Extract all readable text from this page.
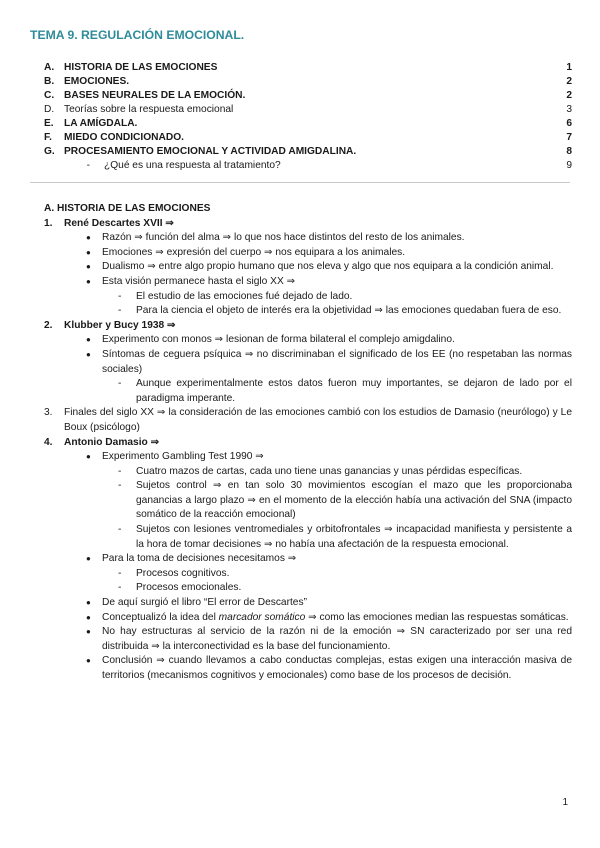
TEMA 9. REGULACIÓN EMOCIONAL.
A. HISTORIA DE LAS EMOCIONES	1
B. EMOCIONES.	2
C. BASES NEURALES DE LA EMOCIÓN.	2
D. Teorías sobre la respuesta emocional	3
E.	LA AMÍGDALA.	6
F.	MIEDO CONDICIONADO.	7
G. PROCESAMIENTO EMOCIONAL Y ACTIVIDAD AMIGDALINA.	8
-	¿Qué es una respuesta al tratamiento?	9
A. HISTORIA DE LAS EMOCIONES
1.	René Descartes XVII ⇒
●	Razón ⇒ función del alma ⇒ lo que nos hace distintos del resto de los animales.
●	Emociones ⇒ expresión del cuerpo ⇒ nos equipara a los animales.
●	Dualismo ⇒ entre algo propio humano que nos eleva y algo que nos equipara a la condición animal.
●	Esta visión permanece hasta el siglo XX ⇒
-	El estudio de las emociones fué dejado de lado.
-	Para la ciencia el objeto de interés era la objetividad ⇒ las emociones quedaban fuera de eso.
2.	Klubber y Bucy 1938 ⇒
●	Experimento con monos ⇒ lesionan de forma bilateral el complejo amigdalino.
●	Síntomas de ceguera psíquica ⇒ no discriminaban el significado de los EE (no respetaban las normas sociales)
-	Aunque experimentalmente estos datos fueron muy importantes, se dejaron de lado por el paradigma imperante.
3.	Finales del siglo XX ⇒ la consideración de las emociones cambió con los estudios de Damasio (neurólogo) y Le Boux (psicólogo)
4.	Antonio Damasio ⇒
●	Experimento Gambling Test 1990 ⇒
-	Cuatro mazos de cartas, cada uno tiene unas ganancias y unas pérdidas específicas.
-	Sujetos control ⇒ en tan solo 30 movimientos escogían el mazo que les proporcionaba ganancias a largo plazo ⇒ en el momento de la elección había una activación del SNA (impacto somático de la reacción emocional)
-	Sujetos con lesiones ventromediales y orbitofrontales ⇒ incapacidad manifiesta y persistente a la hora de tomar decisiones ⇒ no había una afectación de la respuesta emocional.
●	Para la toma de decisiones necesitamos ⇒
-	Procesos cognitivos.
-	Procesos emocionales.
●	De aquí surgió el libro “El error de Descartes”
●	Conceptualizó la idea del marcador somático ⇒ como las emociones median las respuestas somáticas.
●	No hay estructuras al servicio de la razón ni de la emoción ⇒ SN caracterizado por ser una red distribuida ⇒ la interconectividad es la base del funcionamiento.
●	Conclusión ⇒ cuando llevamos a cabo conductas complejas, estas exigen una interacción masiva de territorios (mecanismos cognitivos y emocionales) como base de los procesos de decisión.
1
